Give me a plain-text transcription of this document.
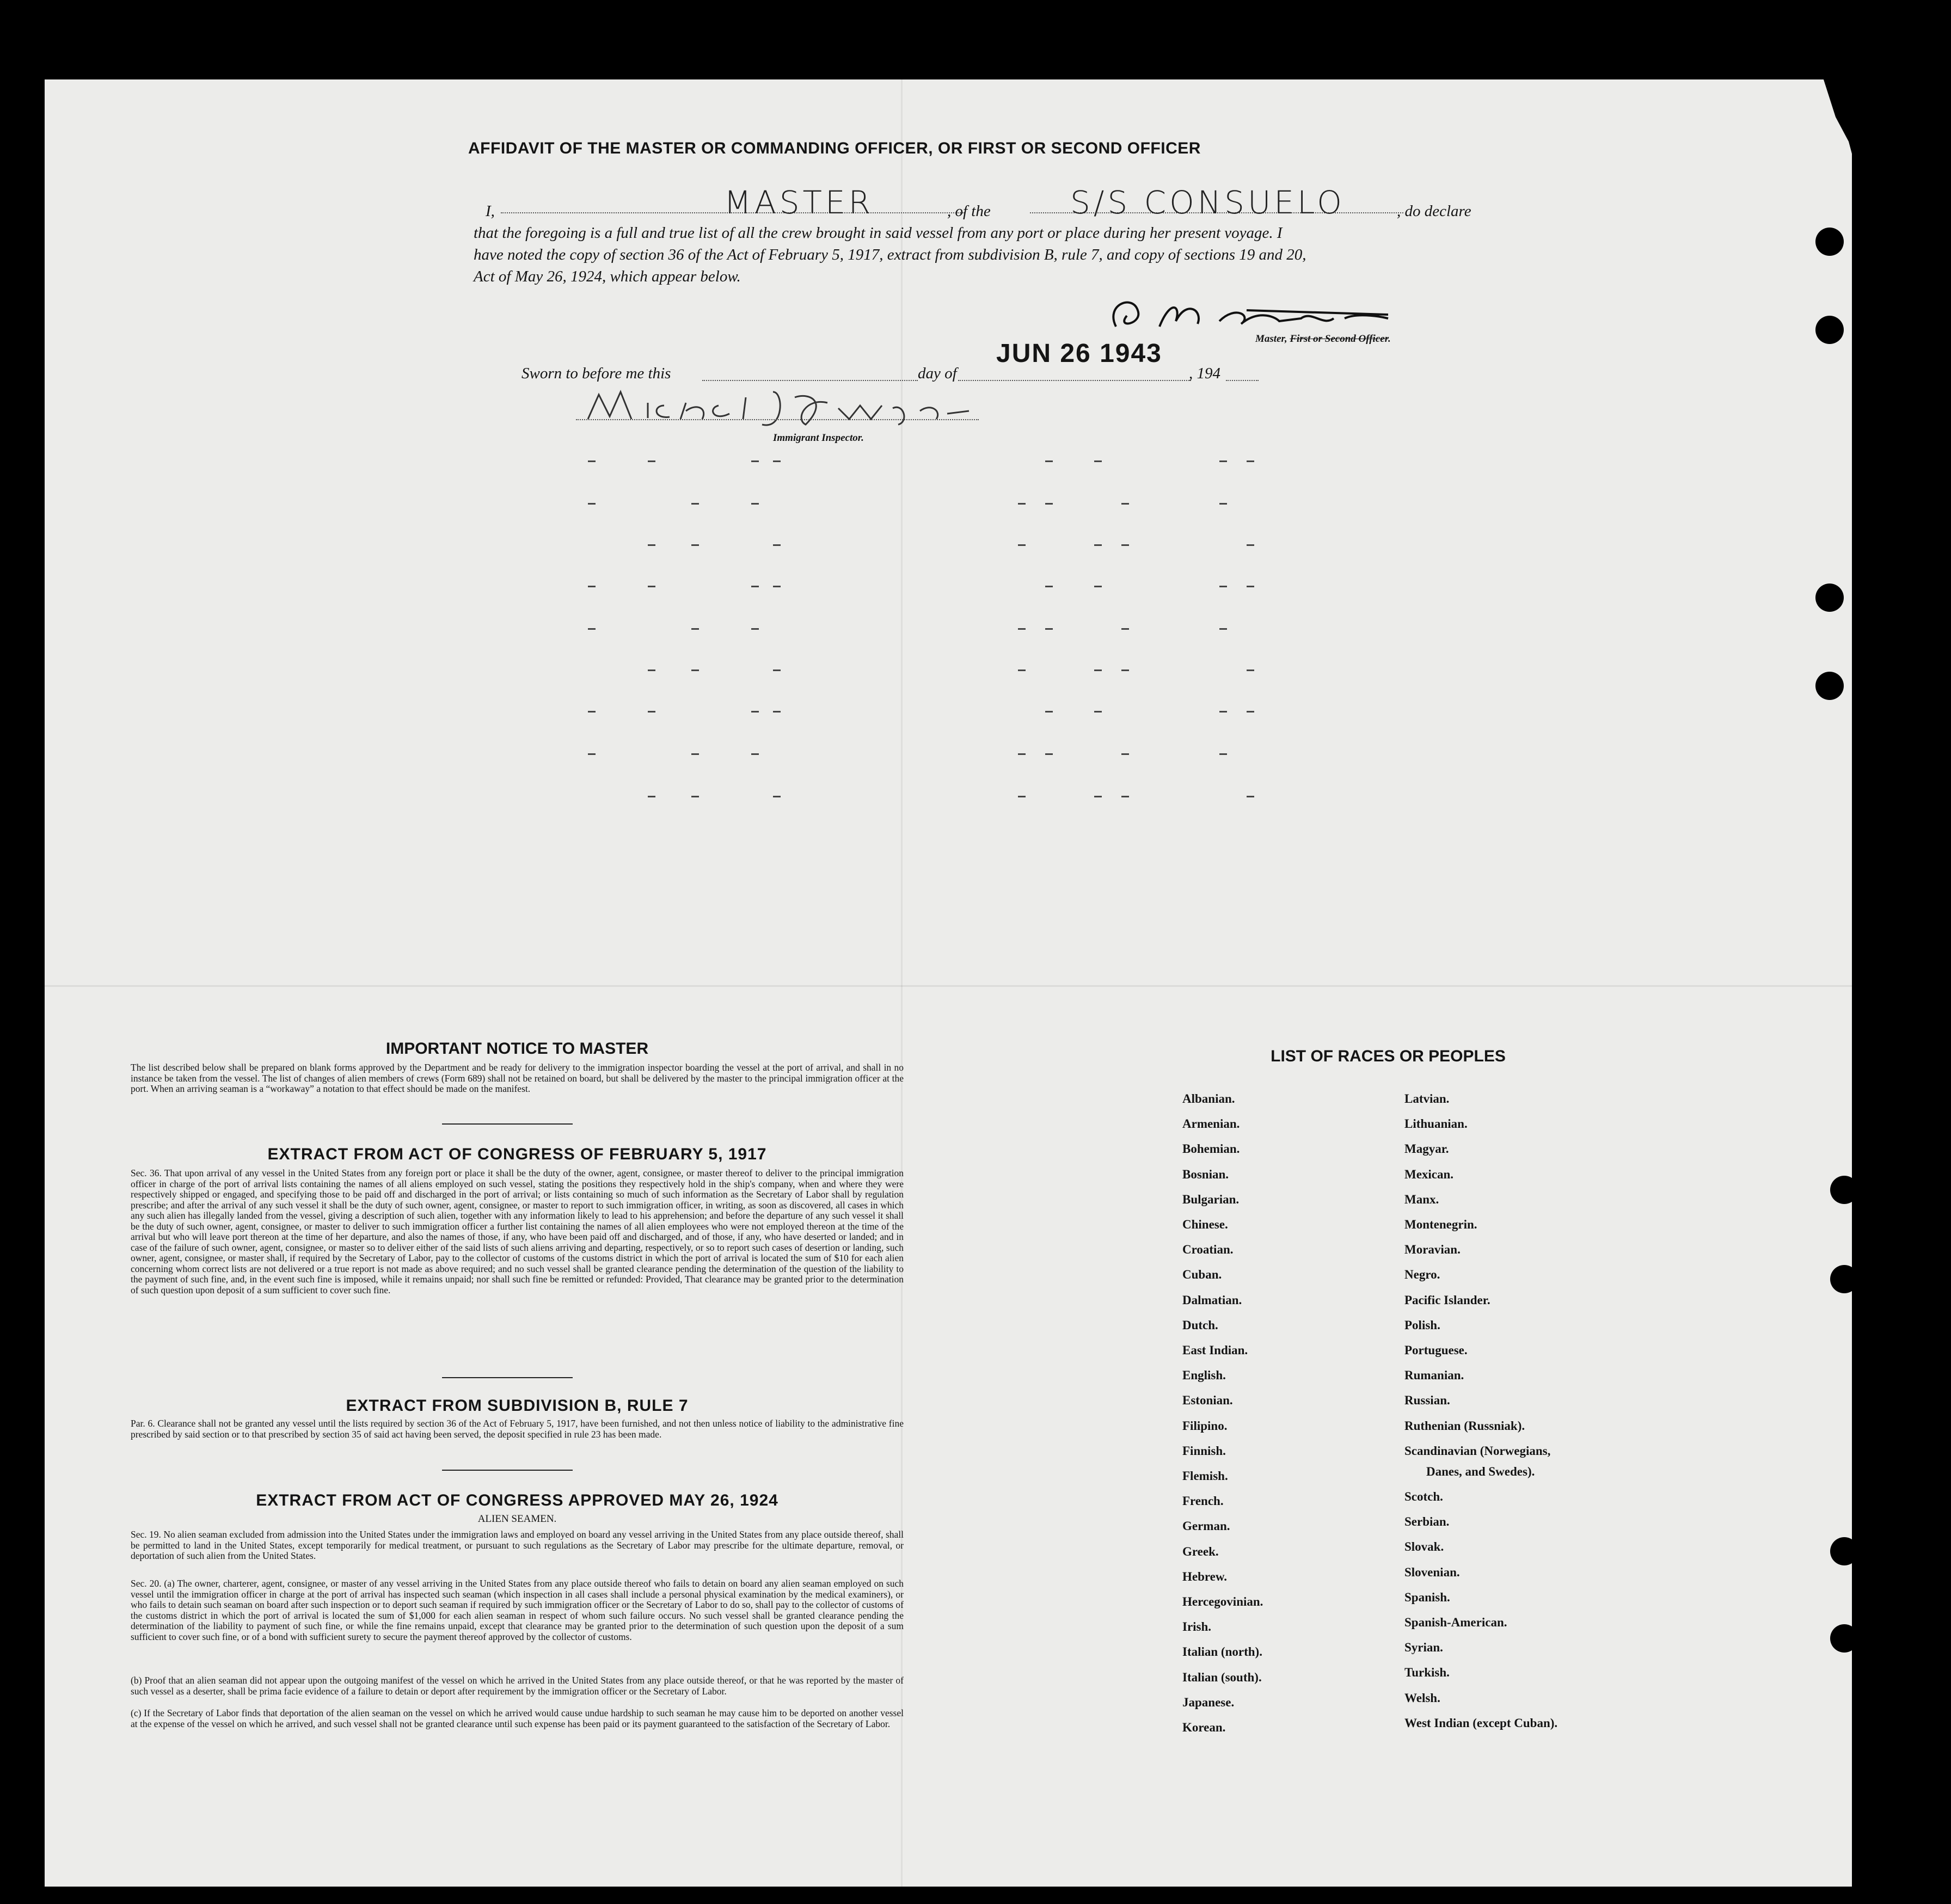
AFFIDAVIT OF THE MASTER OR COMMANDING OFFICER, OR FIRST OR SECOND OFFICER
I,	MASTER	, of the	S/S CONSUELO	, do declare
that the foregoing is a full and true list of all the crew brought in said vessel from any port or place during her present voyage. I
have noted the copy of section 36 of the Act of February 5, 1917, extract from subdivision B, rule 7, and copy of sections 19 and 20,
Act of May 26, 1924, which appear below.
Master, First or Second Officer.
Sworn to before me this	day of
JUN 26 1943
, 194
Immigrant Inspector.
IMPORTANT NOTICE TO MASTER
The list described below shall be prepared on blank forms approved by the Department and be ready for delivery to the immigration inspector boarding the vessel at the port of arrival, and shall in no instance be taken from the vessel. The list of changes of alien members of crews (Form 689) shall not be retained on board, but shall be delivered by the master to the principal immigration officer at the port. When an arriving seaman is a “workaway” a notation to that effect should be made on the manifest.
EXTRACT FROM ACT OF CONGRESS OF FEBRUARY 5, 1917
Sec. 36. That upon arrival of any vessel in the United States from any foreign port or place it shall be the duty of the owner, agent, consignee, or master thereof to deliver to the principal immigration officer in charge of the port of arrival lists containing the names of all aliens employed on such vessel, stating the positions they respectively hold in the ship's company, when and where they were respectively shipped or engaged, and specifying those to be paid off and discharged in the port of arrival; or lists containing so much of such information as the Secretary of Labor shall by regulation prescribe; and after the arrival of any such vessel it shall be the duty of such owner, agent, consignee, or master to report to such immigration officer, in writing, as soon as discovered, all cases in which any such alien has illegally landed from the vessel, giving a description of such alien, together with any information likely to lead to his apprehension; and before the departure of any such vessel it shall be the duty of such owner, agent, consignee, or master to deliver to such immigration officer a further list containing the names of all alien employees who were not employed thereon at the time of the arrival but who will leave port thereon at the time of her departure, and also the names of those, if any, who have been paid off and discharged, and of those, if any, who have deserted or landed; and in case of the failure of such owner, agent, consignee, or master so to deliver either of the said lists of such aliens arriving and departing, respectively, or so to report such cases of desertion or landing, such owner, agent, consignee, or master shall, if required by the Secretary of Labor, pay to the collector of customs of the customs district in which the port of arrival is located the sum of $10 for each alien concerning whom correct lists are not delivered or a true report is not made as above required; and no such vessel shall be granted clearance pending the determination of the question of the liability to the payment of such fine, and, in the event such fine is imposed, while it remains unpaid; nor shall such fine be remitted or refunded: Provided, That clearance may be granted prior to the determination of such question upon deposit of a sum sufficient to cover such fine.
EXTRACT FROM SUBDIVISION B, RULE 7
Par. 6. Clearance shall not be granted any vessel until the lists required by section 36 of the Act of February 5, 1917, have been furnished, and not then unless notice of liability to the administrative fine prescribed by said section or to that prescribed by section 35 of said act having been served, the deposit specified in rule 23 has been made.
EXTRACT FROM ACT OF CONGRESS APPROVED MAY 26, 1924
ALIEN SEAMEN.
Sec. 19. No alien seaman excluded from admission into the United States under the immigration laws and employed on board any vessel arriving in the United States from any place outside thereof, shall be permitted to land in the United States, except temporarily for medical treatment, or pursuant to such regulations as the Secretary of Labor may prescribe for the ultimate departure, removal, or deportation of such alien from the United States.
Sec. 20. (a) The owner, charterer, agent, consignee, or master of any vessel arriving in the United States from any place outside thereof who fails to detain on board any alien seaman employed on such vessel until the immigration officer in charge at the port of arrival has inspected such seaman (which inspection in all cases shall include a personal physical examination by the medical examiners), or who fails to detain such seaman on board after such inspection or to deport such seaman if required by such immigration officer or the Secretary of Labor to do so, shall pay to the collector of customs of the customs district in which the port of arrival is located the sum of $1,000 for each alien seaman in respect of whom such failure occurs. No such vessel shall be granted clearance pending the determination of the liability to payment of such fine, or while the fine remains unpaid, except that clearance may be granted prior to the determination of such question upon the deposit of a sum sufficient to cover such fine, or of a bond with sufficient surety to secure the payment thereof approved by the collector of customs.
(b) Proof that an alien seaman did not appear upon the outgoing manifest of the vessel on which he arrived in the United States from any place outside thereof, or that he was reported by the master of such vessel as a deserter, shall be prima facie evidence of a failure to detain or deport after requirement by the immigration officer or the Secretary of Labor.
(c) If the Secretary of Labor finds that deportation of the alien seaman on the vessel on which he arrived would cause undue hardship to such seaman he may cause him to be deported on another vessel at the expense of the vessel on which he arrived, and such vessel shall not be granted clearance until such expense has been paid or its payment guaranteed to the satisfaction of the Secretary of Labor.
LIST OF RACES OR PEOPLES
Albanian.
Armenian.
Bohemian.
Bosnian.
Bulgarian.
Chinese.
Croatian.
Cuban.
Dalmatian.
Dutch.
East Indian.
English.
Estonian.
Filipino.
Finnish.
Flemish.
French.
German.
Greek.
Hebrew.
Hercegovinian.
Irish.
Italian (north).
Italian (south).
Japanese.
Korean.
Latvian.
Lithuanian.
Magyar.
Mexican.
Manx.
Montenegrin.
Moravian.
Negro.
Pacific Islander.
Polish.
Portuguese.
Rumanian.
Russian.
Ruthenian (Russniak).
Scandinavian (Norwegians,
Danes, and Swedes).
Scotch.
Serbian.
Slovak.
Slovenian.
Spanish.
Spanish-American.
Syrian.
Turkish.
Welsh.
West Indian (except Cuban).
